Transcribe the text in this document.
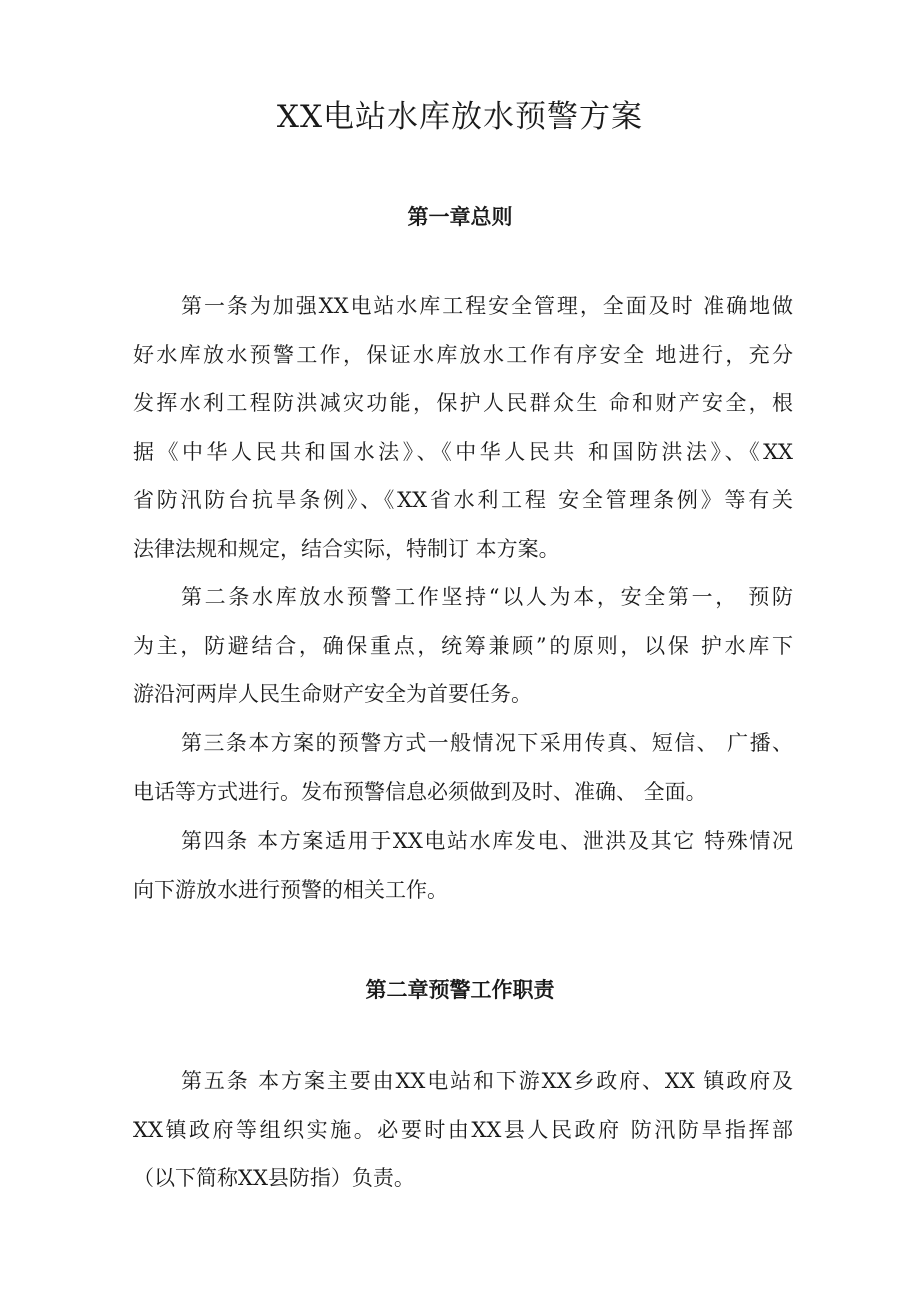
XX电站水库放水预警方案
第一章总则
第一条为加强XX电站水库工程安全管理，全面及时 准确地做
好水库放水预警工作，保证水库放水工作有序安全 地进行，充分
发挥水利工程防洪减灾功能，保护人民群众生 命和财产安全，根
据《中华人民共和国水法》、《中华人民共 和国防洪法》、《XX
省防汛防台抗旱条例》、《XX省水利工程 安全管理条例》等有关
法律法规和规定，结合实际，特制订 本方案。
第二条水库放水预警工作坚持“以人为本，安全第一， 预防
为主，防避结合，确保重点，统筹兼顾”的原则，以保 护水库下
游沿河两岸人民生命财产安全为首要任务。
第三条本方案的预警方式一般情况下采用传真、短信、 广播、
电话等方式进行。发布预警信息必须做到及时、准确、 全面。
第四条 本方案适用于XX电站水库发电、泄洪及其它 特殊情况
向下游放水进行预警的相关工作。
第二章预警工作职责
第五条 本方案主要由XX电站和下游XX乡政府、XX 镇政府及
XX镇政府等组织实施。必要时由XX县人民政府 防汛防旱指挥部
（以下简称XX县防指）负责。
